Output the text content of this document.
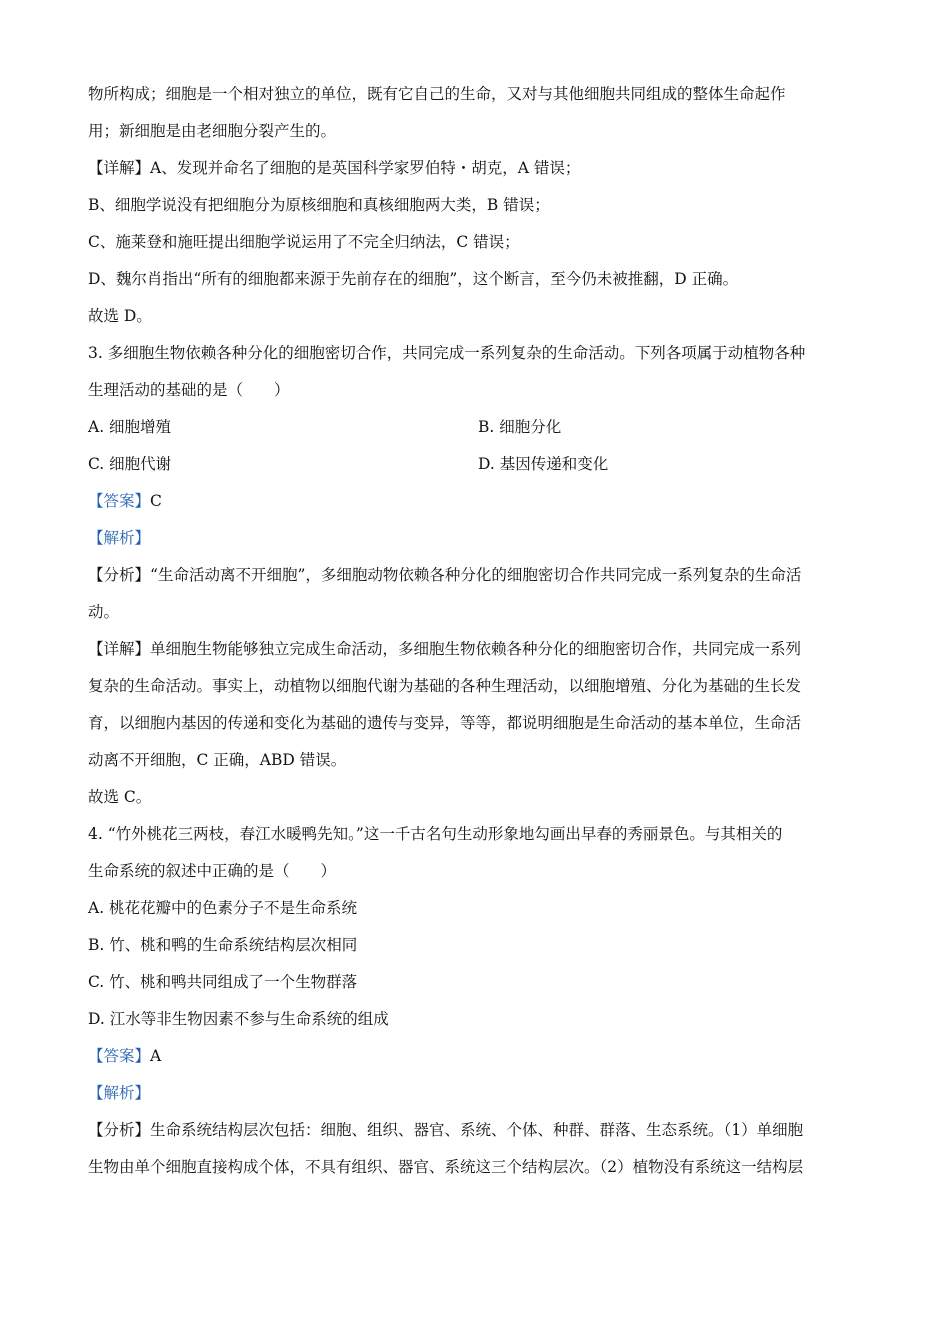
物所构成；细胞是一个相对独立的单位，既有它自己的生命，又对与其他细胞共同组成的整体生命起作
用；新细胞是由老细胞分裂产生的。
【详解】A、发现并命名了细胞的是英国科学家罗伯特・胡克，A 错误；
B、细胞学说没有把细胞分为原核细胞和真核细胞两大类，B 错误；
C、施莱登和施旺提出细胞学说运用了不完全归纳法，C 错误；
D、魏尔肖指出“所有的细胞都来源于先前存在的细胞”，这个断言，至今仍未被推翻，D 正确。
故选 D。
3. 多细胞生物依赖各种分化的细胞密切合作，共同完成一系列复杂的生命活动。下列各项属于动植物各种
生理活动的基础的是（　　）
A. 细胞增殖	B. 细胞分化
C. 细胞代谢	D. 基因传递和变化
【答案】C
【解析】
【分析】“生命活动离不开细胞”，多细胞动物依赖各种分化的细胞密切合作共同完成一系列复杂的生命活
动。
【详解】单细胞生物能够独立完成生命活动，多细胞生物依赖各种分化的细胞密切合作，共同完成一系列
复杂的生命活动。事实上，动植物以细胞代谢为基础的各种生理活动，以细胞增殖、分化为基础的生长发
育，以细胞内基因的传递和变化为基础的遗传与变异，等等，都说明细胞是生命活动的基本单位，生命活
动离不开细胞，C 正确，ABD 错误。
故选 C。
4. “竹外桃花三两枝，春江水暖鸭先知。”这一千古名句生动形象地勾画出早春的秀丽景色。与其相关的
生命系统的叙述中正确的是（　　）
A. 桃花花瓣中的色素分子不是生命系统
B. 竹、桃和鸭的生命系统结构层次相同
C. 竹、桃和鸭共同组成了一个生物群落
D. 江水等非生物因素不参与生命系统的组成
【答案】A
【解析】
【分析】生命系统结构层次包括：细胞、组织、器官、系统、个体、种群、群落、生态系统。（1）单细胞
生物由单个细胞直接构成个体，不具有组织、器官、系统这三个结构层次。（2）植物没有系统这一结构层
